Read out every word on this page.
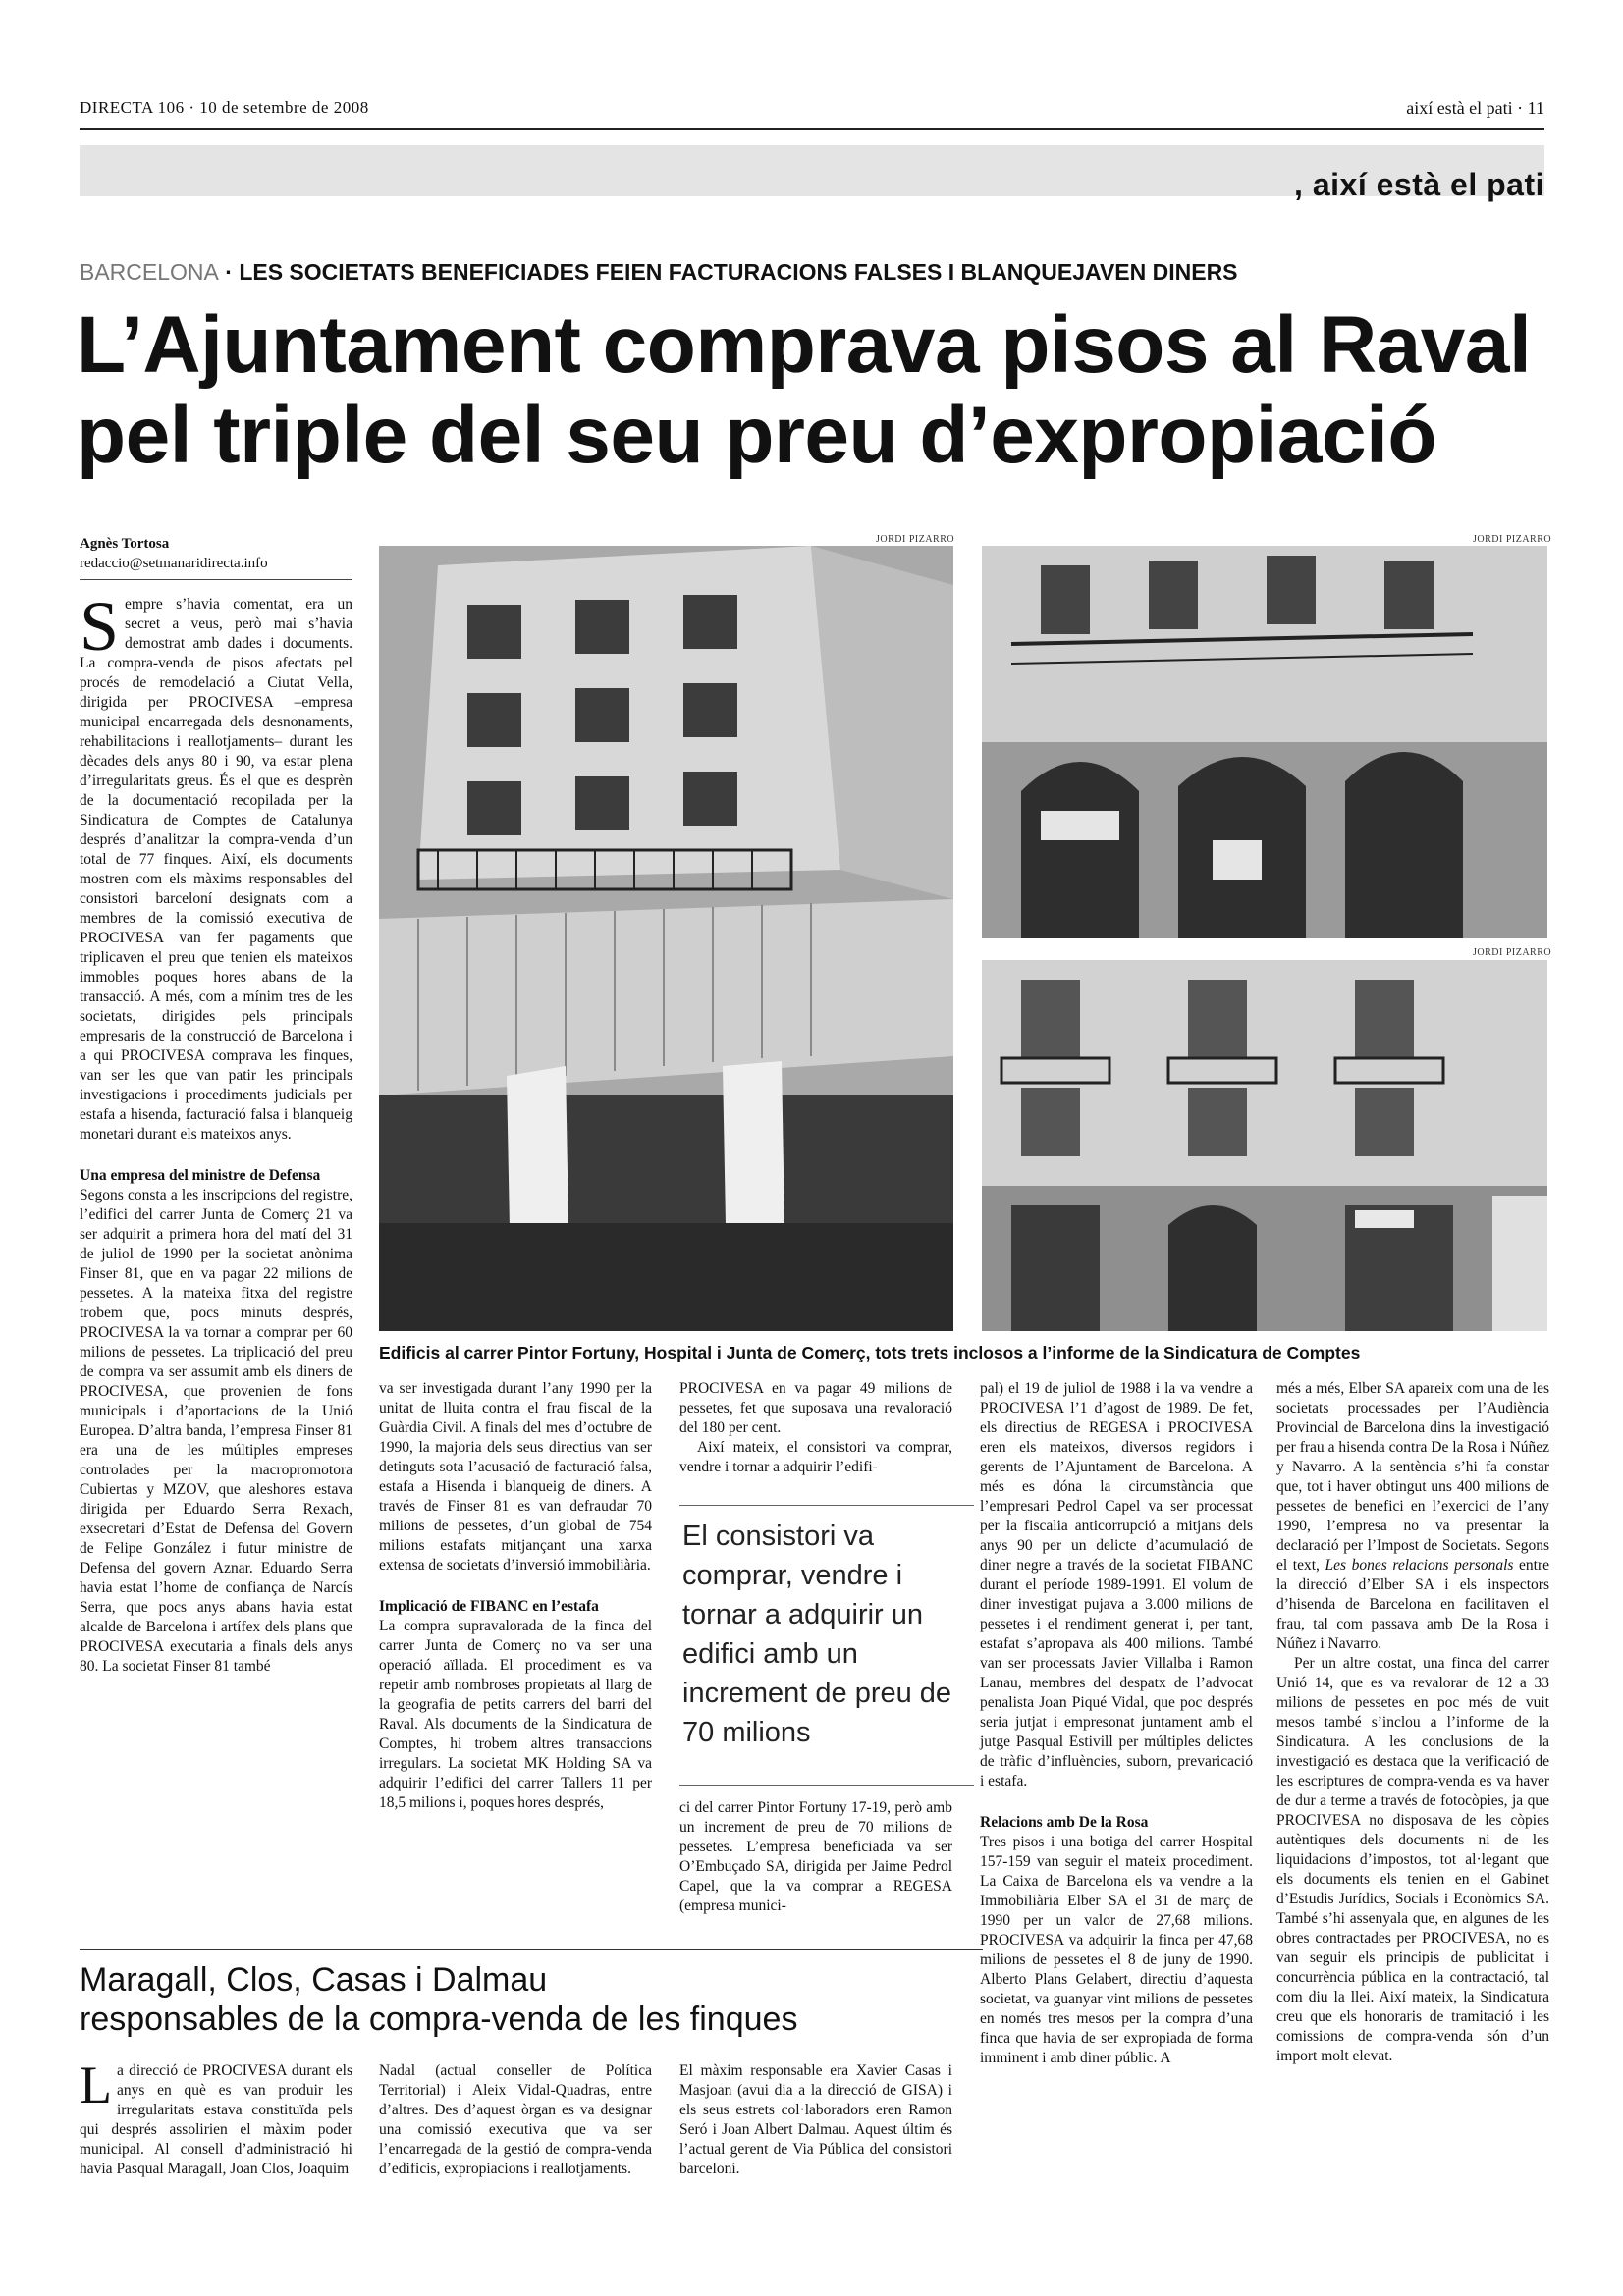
DIRECTA 106 · 10 de setembre de 2008	així està el pati · 11
, així està el pati
BARCELONA · LES SOCIETATS BENEFICIADES FEIEN FACTURACIONS FALSES I BLANQUEJAVEN DINERS
L’Ajuntament comprava pisos al Raval
pel triple del seu preu d’expropiació
Agnès Tortosa
redaccio@setmanaridirecta.info

Sempre s’havia comentat, era un secret a veus, però mai s’havia demostrat amb dades i documents. La compra-venda de pisos afectats pel procés de remodelació a Ciutat Vella, dirigida per PROCIVESA –empresa municipal encarregada dels desnonaments, rehabilitacions i reallotjaments– durant les dècades dels anys 80 i 90, va estar plena d’irregularitats greus. És el que es desprèn de la documentació recopilada per la Sindicatura de Comptes de Catalunya després d’analitzar la compra-venda d’un total de 77 finques. Així, els documents mostren com els màxims responsables del consistori barceloní designats com a membres de la comissió executiva de PROCIVESA van fer pagaments que triplicaven el preu que tenien els mateixos immobles poques hores abans de la transacció. A més, com a mínim tres de les societats, dirigides pels principals empresaris de la construcció de Barcelona i a qui PROCIVESA comprava les finques, van ser les que van patir les principals investigacions i procediments judicials per estafa a hisenda, facturació falsa i blanqueig monetari durant els mateixos anys.

Una empresa del ministre de Defensa

Segons consta a les inscripcions del registre, l’edifici del carrer Junta de Comerç 21 va ser adquirit a primera hora del matí del 31 de juliol de 1990 per la societat anònima Finser 81, que en va pagar 22 milions de pessetes. A la mateixa fitxa del registre trobem que, pocs minuts després, PROCIVESA la va tornar a comprar per 60 milions de pessetes. La triplicació del preu de compra va ser assumit amb els diners de PROCIVESA, que provenien de fons municipals i d’aportacions de la Unió Europea. D’altra banda, l’empresa Finser 81 era una de les múltiples empreses controlades per la macropromotora Cubiertas y MZOV, que aleshores estava dirigida per Eduardo Serra Rexach, exsecretari d’Estat de Defensa del Govern de Felipe González i futur ministre de Defensa del govern Aznar. Eduardo Serra havia estat l’home de confiança de Narcís Serra, que pocs anys abans havia estat alcalde de Barcelona i artífex dels plans que PROCIVESA executaria a finals dels anys 80. La societat Finser 81 també

JORDI PIZARRO	JORDI PIZARRO
JORDI PIZARRO
Edificis al carrer Pintor Fortuny, Hospital i Junta de Comerç, tots trets inclosos a l’informe de la Sindicatura de Comptes

va ser investigada durant l’any 1990 per la unitat de lluita contra el frau fiscal de la Guàrdia Civil. A finals del mes d’octubre de 1990, la majoria dels seus directius van ser detinguts sota l’acusació de facturació falsa, estafa a Hisenda i blanqueig de diners. A través de Finser 81 es van defraudar 70 milions de pessetes, d’un global de 754 milions estafats mitjançant una xarxa extensa de societats d’inversió immobiliària.

Implicació de FIBANC en l’estafa

La compra supravalorada de la finca del carrer Junta de Comerç no va ser una operació aïllada. El procediment es va repetir amb nombroses propietats al llarg de la geografia de petits carrers del barri del Raval. Als documents de la Sindicatura de Comptes, hi trobem altres transaccions irregulars. La societat MK Holding SA va adquirir l’edifici del carrer Tallers 11 per 18,5 milions i, poques hores després,

PROCIVESA en va pagar 49 milions de pessetes, fet que suposava una revaloració del 180 per cent.

Així mateix, el consistori va comprar, vendre i tornar a adquirir l’edifi-

El consistori va comprar, vendre i tornar a adquirir un edifici amb un increment de preu de 70 milions

ci del carrer Pintor Fortuny 17-19, però amb un increment de preu de 70 milions de pessetes. L’empresa beneficiada va ser O’Embuçado SA, dirigida per Jaime Pedrol Capel, que la va comprar a REGESA (empresa munici-

pal) el 19 de juliol de 1988 i la va vendre a PROCIVESA l’1 d’agost de 1989. De fet, els directius de REGESA i PROCIVESA eren els mateixos, diversos regidors i gerents de l’Ajuntament de Barcelona. A més es dóna la circumstància que l’empresari Pedrol Capel va ser processat per la fiscalia anticorrupció a mitjans dels anys 90 per un delicte d’acumulació de diner negre a través de la societat FIBANC durant el període 1989-1991. El volum de diner investigat pujava a 3.000 milions de pessetes i el rendiment generat i, per tant, estafat s’apropava als 400 milions. També van ser processats Javier Villalba i Ramon Lanau, membres del despatx de l’advocat penalista Joan Piqué Vidal, que poc després seria jutjat i empresonat juntament amb el jutge Pasqual Estivill per múltiples delictes de tràfic d’influències, suborn, prevaricació i estafa.

Relacions amb De la Rosa

Tres pisos i una botiga del carrer Hospital 157-159 van seguir el mateix procediment. La Caixa de Barcelona els va vendre a la Immobiliària Elber SA el 31 de març de 1990 per un valor de 27,68 milions. PROCIVESA va adquirir la finca per 47,68 milions de pessetes el 8 de juny de 1990. Alberto Plans Gelabert, directiu d’aquesta societat, va guanyar vint milions de pessetes en només tres mesos per la compra d’una finca que havia de ser expropiada de forma imminent i amb diner públic. A

més a més, Elber SA apareix com una de les societats processades per l’Audiència Provincial de Barcelona dins la investigació per frau a hisenda contra De la Rosa i Núñez y Navarro. A la sentència s’hi fa constar que, tot i haver obtingut uns 400 milions de pessetes de benefici en l’exercici de l’any 1990, l’empresa no va presentar la declaració per l’Impost de Societats. Segons el text, Les bones relacions personals entre la direcció d’Elber SA i els inspectors d’hisenda de Barcelona en facilitaven el frau, tal com passava amb De la Rosa i Núñez i Navarro.

Per un altre costat, una finca del carrer Unió 14, que es va revalorar de 12 a 33 milions de pessetes en poc més de vuit mesos també s’inclou a l’informe de la Sindicatura. A les conclusions de la investigació es destaca que la verificació de les escriptures de compra-venda es va haver de dur a terme a través de fotocòpies, ja que PROCIVESA no disposava de les còpies autèntiques dels documents ni de les liquidacions d’impostos, tot al·legant que els documents els tenien en el Gabinet d’Estudis Jurídics, Socials i Econòmics SA. També s’hi assenyala que, en algunes de les obres contractades per PROCIVESA, no es van seguir els principis de publicitat i concurrència pública en la contractació, tal com diu la llei. Així mateix, la Sindicatura creu que els honoraris de tramitació i les comissions de compra-venda són d’un import molt elevat.

Maragall, Clos, Casas i Dalmau
responsables de la compra-venda de les finques

La direcció de PROCIVESA durant els anys en què es van produir les irregularitats estava constituïda pels qui després assolirien el màxim poder municipal. Al consell d’administració hi havia Pasqual Maragall, Joan Clos, Joaquim

Nadal (actual conseller de Política Territorial) i Aleix Vidal-Quadras, entre d’altres. Des d’aquest òrgan es va designar una comissió executiva que va ser l’encarregada de la gestió de compra-venda d’edificis, expropiacions i reallotjaments.

El màxim responsable era Xavier Casas i Masjoan (avui dia a la direcció de GISA) i els seus estrets col·laboradors eren Ramon Seró i Joan Albert Dalmau. Aquest últim és l’actual gerent de Via Pública del consistori barceloní.
